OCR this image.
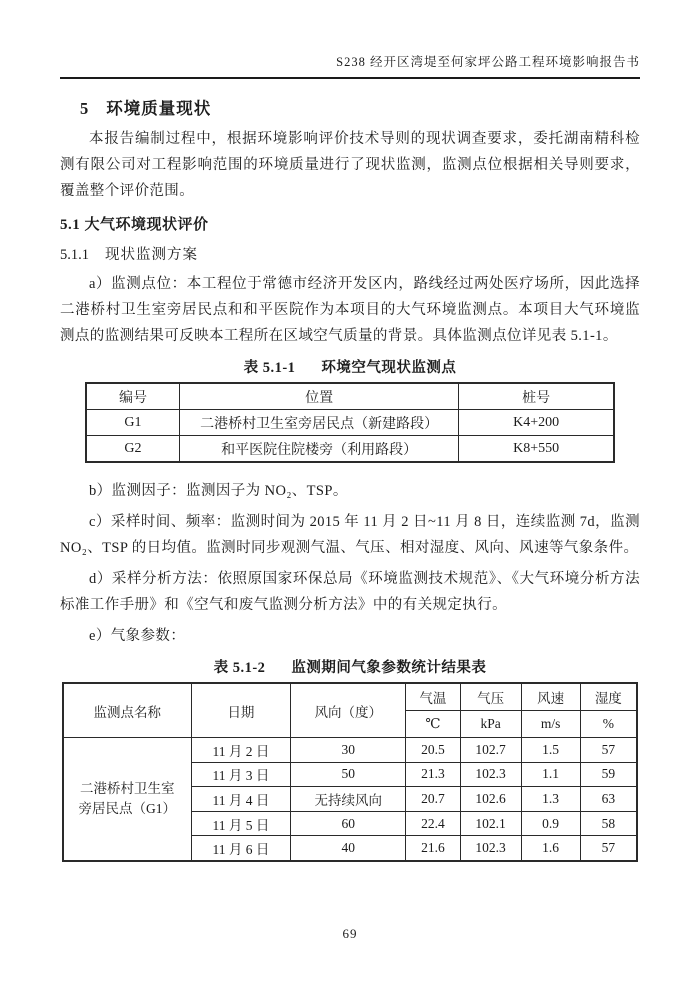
S238 经开区湾堤至何家坪公路工程环境影响报告书
5 环境质量现状

本报告编制过程中，根据环境影响评价技术导则的现状调查要求，委托湖南精科检测有限公司对工程影响范围的环境质量进行了现状监测，监测点位根据相关导则要求，覆盖整个评价范围。

5.1 大气环境现状评价
5.1.1 现状监测方案

a）监测点位：本工程位于常德市经济开发区内，路线经过两处医疗场所，因此选择二港桥村卫生室旁居民点和和平医院作为本项目的大气环境监测点。本项目大气环境监测点的监测结果可反映本工程所在区域空气质量的背景。具体监测点位详见表 5.1-1。

表 5.1-1 环境空气现状监测点
编号	位置	桩号
G1	二港桥村卫生室旁居民点（新建路段）	K4+200
G2	和平医院住院楼旁（利用路段）	K8+550

b）监测因子：监测因子为 NO₂、TSP。

c）采样时间、频率：监测时间为 2015 年 11 月 2 日~11 月 8 日，连续监测 7d，监测 NO₂、TSP 的日均值。监测时同步观测气温、气压、相对湿度、风向、风速等气象条件。

d）采样分析方法：依照原国家环保总局《环境监测技术规范》、《大气环境分析方法标准工作手册》和《空气和废气监测分析方法》中的有关规定执行。

e）气象参数：

表 5.1-2 监测期间气象参数统计结果表
监测点名称	日期	风向（度）	气温	气压	风速	湿度
			℃	kPa	m/s	%
二港桥村卫生室旁居民点（G1）	11 月 2 日	30	20.5	102.7	1.5	57
	11 月 3 日	50	21.3	102.3	1.1	59
	11 月 4 日	无持续风向	20.7	102.6	1.3	63
	11 月 5 日	60	22.4	102.1	0.9	58
	11 月 6 日	40	21.6	102.3	1.6	57
69
